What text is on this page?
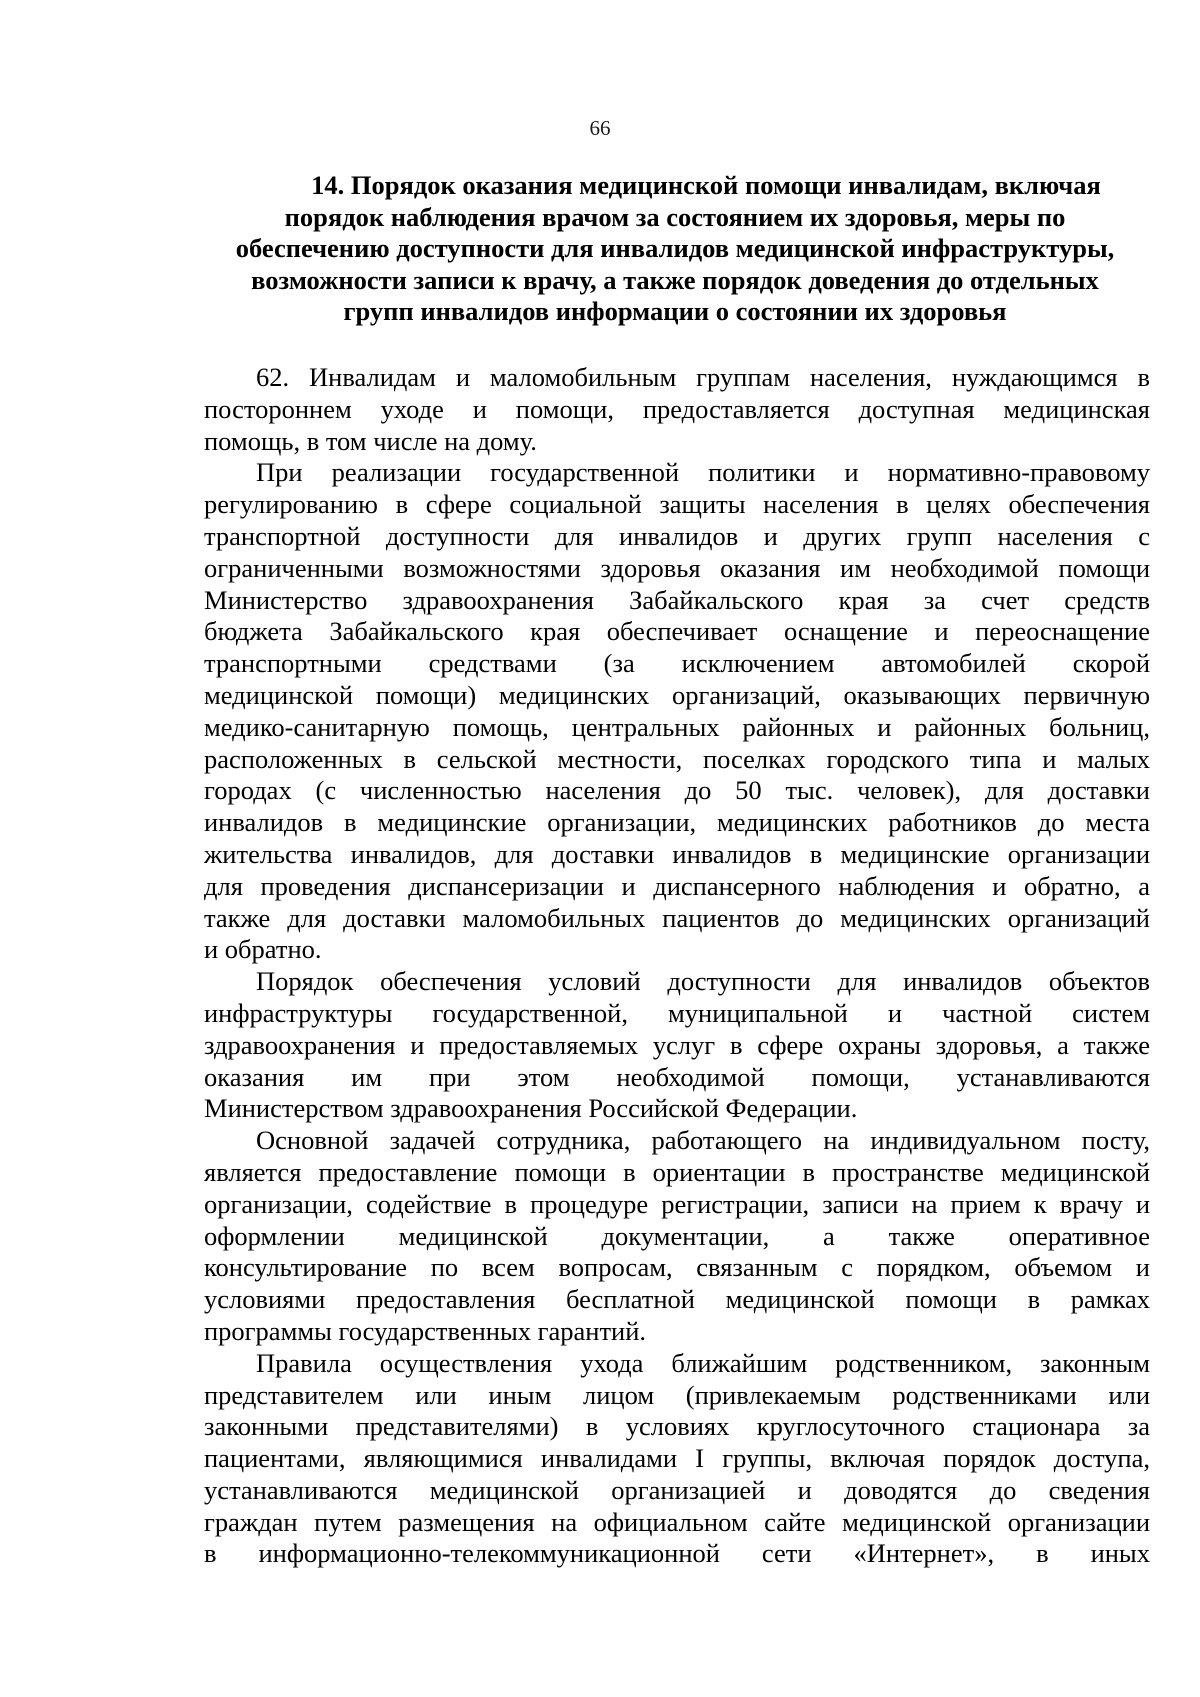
66
14. Порядок оказания медицинской помощи инвалидам, включая
порядок наблюдения врачом за состоянием их здоровья, меры по
обеспечению доступности для инвалидов медицинской инфраструктуры,
возможности записи к врачу, а также порядок доведения до отдельных
групп инвалидов информации о состоянии их здоровья
62. Инвалидам и маломобильным группам населения, нуждающимся в
постороннем уходе и помощи, предоставляется доступная медицинская
помощь, в том числе на дому.
При реализации государственной политики и нормативно-правовому
регулированию в сфере социальной защиты населения в целях обеспечения
транспортной доступности для инвалидов и других групп населения с
ограниченными возможностями здоровья оказания им необходимой помощи
Министерство здравоохранения Забайкальского края за счет средств
бюджета Забайкальского края обеспечивает оснащение и переоснащение
транспортными средствами (за исключением автомобилей скорой
медицинской помощи) медицинских организаций, оказывающих первичную
медико-санитарную помощь, центральных районных и районных больниц,
расположенных в сельской местности, поселках городского типа и малых
городах (с численностью населения до 50 тыс. человек), для доставки
инвалидов в медицинские организации, медицинских работников до места
жительства инвалидов, для доставки инвалидов в медицинские организации
для проведения диспансеризации и диспансерного наблюдения и обратно, а
также для доставки маломобильных пациентов до медицинских организаций
и обратно.
Порядок обеспечения условий доступности для инвалидов объектов
инфраструктуры государственной, муниципальной и частной систем
здравоохранения и предоставляемых услуг в сфере охраны здоровья, а также
оказания им при этом необходимой помощи, устанавливаются
Министерством здравоохранения Российской Федерации.
Основной задачей сотрудника, работающего на индивидуальном посту,
является предоставление помощи в ориентации в пространстве медицинской
организации, содействие в процедуре регистрации, записи на прием к врачу и
оформлении медицинской документации, а также оперативное
консультирование по всем вопросам, связанным с порядком, объемом и
условиями предоставления бесплатной медицинской помощи в рамках
программы государственных гарантий.
Правила осуществления ухода ближайшим родственником, законным
представителем или иным лицом (привлекаемым родственниками или
законными представителями) в условиях круглосуточного стационара за
пациентами, являющимися инвалидами I группы, включая порядок доступа,
устанавливаются медицинской организацией и доводятся до сведения
граждан путем размещения на официальном сайте медицинской организации
в информационно-телекоммуникационной сети «Интернет», в иных
